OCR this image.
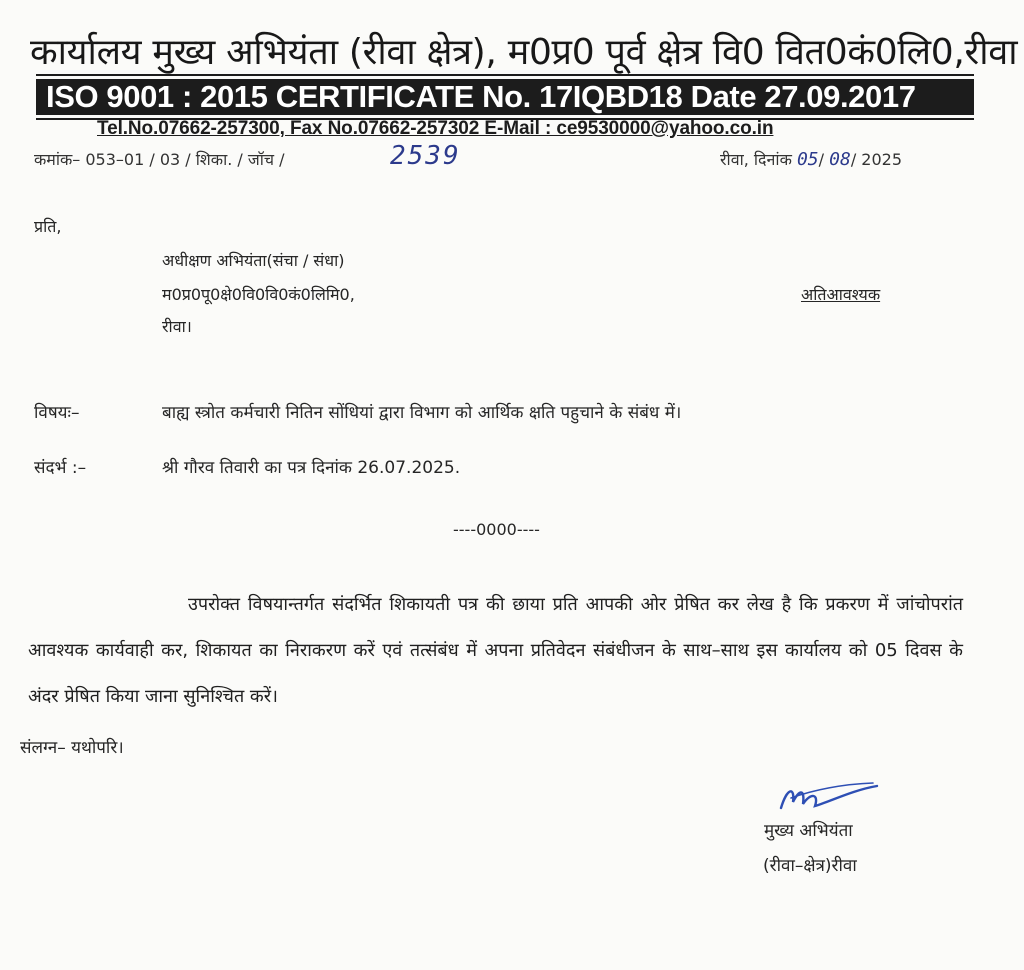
कार्यालय मुख्य अभियंता (रीवा क्षेत्र), म0प्र0 पूर्व क्षेत्र वि0 वित0कं0लि0,रीवा
ISO 9001 : 2015 CERTIFICATE No. 17IQBD18 Date 27.09.2017
Tel.No.07662-257300, Fax No.07662-257302 E-Mail : ce9530000@yahoo.co.in
कमांक– 053–01 / 03 / शिका. / जॉच /	2539	रीवा, दिनांक 05/ 08/ 2025
प्रति,
अधीक्षण अभियंता(संचा / संधा)
म0प्र0पू0क्षे0वि0वि0कं0लिमि0,
रीवा।
अतिआवश्यक
विषयः–	बाह्य स्त्रोत कर्मचारी नितिन सोंधियां द्वारा विभाग को आर्थिक क्षति पहुचाने के संबंध में।
संदर्भ :–	श्री गौरव तिवारी का पत्र दिनांक 26.07.2025.
----0000----
उपरोक्त विषयान्तर्गत संदर्भित शिकायती पत्र की छाया प्रति आपकी ओर प्रेषित कर लेख है कि प्रकरण में जांचोपरांत आवश्यक कार्यवाही कर, शिकायत का निराकरण करें एवं तत्संबंध में अपना प्रतिवेदन संबंधीजन के साथ–साथ इस कार्यालय को 05 दिवस के अंदर प्रेषित किया जाना सुनिश्चित करें।
संलग्न– यथोपरि।
मुख्य अभियंता
(रीवा–क्षेत्र)रीवा
